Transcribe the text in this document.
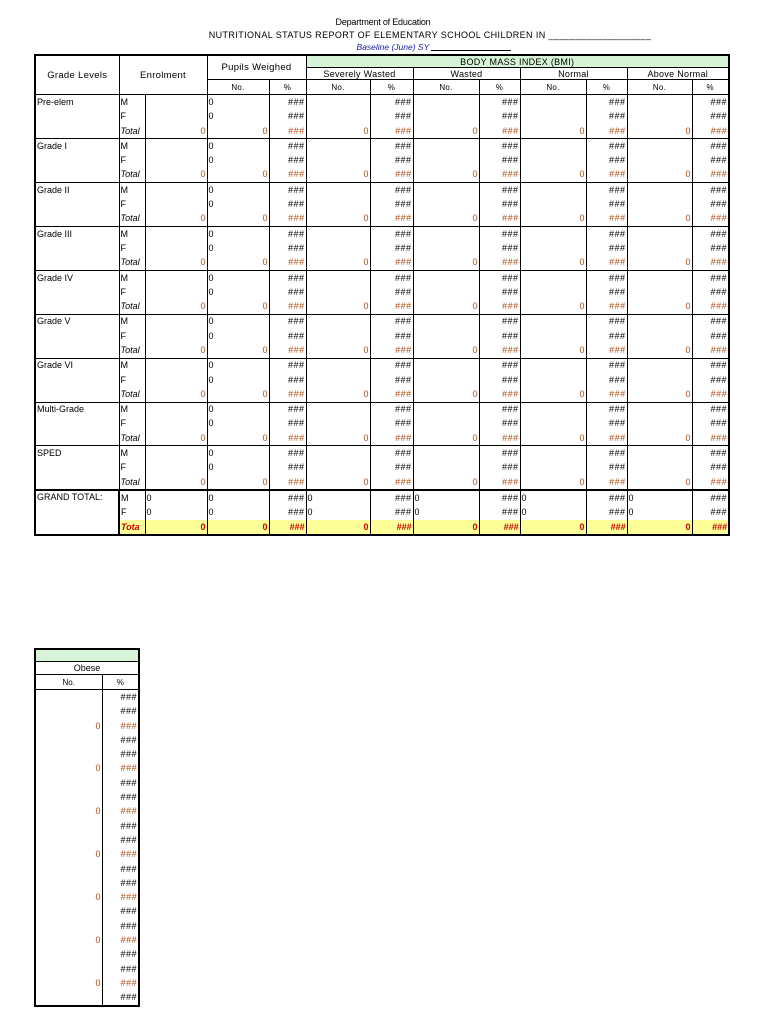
Department of Education
NUTRITIONAL STATUS REPORT OF ELEMENTARY SCHOOL CHILDREN IN ___________________
Baseline (June) SY
Grade Levels	Enrolment		Pupils Weighed		BODY MASS INDEX (BMI)							
					Severely Wasted		Wasted		Normal		Above Normal	
			No.	%	No.	%	No.	%	No.	%	No.	%
Pre-elem	M		0	###		###		###		###		###
	F		0	###		###		###		###		###
	Total	0	0	###	0	###	0	###	0	###	0	###
Grade I	M		0	###		###		###		###		###
	F		0	###		###		###		###		###
	Total	0	0	###	0	###	0	###	0	###	0	###
Grade II	M		0	###		###		###		###		###
	F		0	###		###		###		###		###
	Total	0	0	###	0	###	0	###	0	###	0	###
Grade III	M		0	###		###		###		###		###
	F		0	###		###		###		###		###
	Total	0	0	###	0	###	0	###	0	###	0	###
Grade IV	M		0	###		###		###		###		###
	F		0	###		###		###		###		###
	Total	0	0	###	0	###	0	###	0	###	0	###
Grade V	M		0	###		###		###		###		###
	F		0	###		###		###		###		###
	Total	0	0	###	0	###	0	###	0	###	0	###
Grade VI	M		0	###		###		###		###		###
	F		0	###		###		###		###		###
	Total	0	0	###	0	###	0	###	0	###	0	###
Multi-Grade	M		0	###		###		###		###		###
	F		0	###		###		###		###		###
	Total	0	0	###	0	###	0	###	0	###	0	###
SPED	M		0	###		###		###		###		###
	F		0	###		###		###		###		###
	Total	0	0	###	0	###	0	###	0	###	0	###
GRAND TOTAL:	M	0	0	###	0	###	0	###	0	###	0	###
	F	0	0	###	0	###	0	###	0	###	0	###
	Tota	0	0	###	0	###	0	###	0	###	0	###

Obese	
No.	%
	###
	###
0	###
	###
	###
0	###
	###
	###
0	###
	###
	###
0	###
	###
	###
0	###
	###
	###
0	###
	###
	###
0	###
	###
